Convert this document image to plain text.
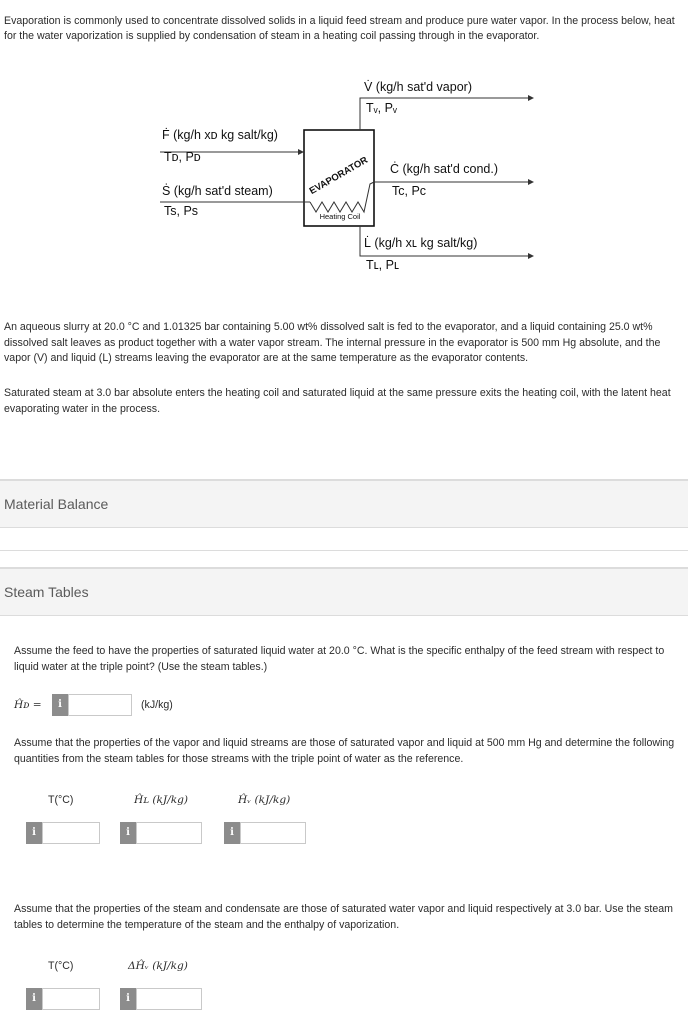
Evaporation is commonly used to concentrate dissolved solids in a liquid feed stream and produce pure water vapor. In the process below, heat for the water vaporization is supplied by condensation of steam in a heating coil passing through in the evaporator.
EVAPORATOR
Heating Coil
V̇ (kg/h sat'd vapor)
Tᵥ, Pᵥ
Ḟ (kg/h xᴅ kg salt/kg)
Tᴅ, Pᴅ
Ṡ (kg/h sat'd steam)
Ts, Ps
Ċ (kg/h sat'd cond.)
Tc, Pc
L̇ (kg/h xʟ kg salt/kg)
Tʟ, Pʟ
An aqueous slurry at 20.0 °C and 1.01325 bar containing 5.00 wt% dissolved salt is fed to the evaporator, and a liquid containing 25.0 wt% dissolved salt leaves as product together with a water vapor stream. The internal pressure in the evaporator is 500 mm Hg absolute, and the vapor (V) and liquid (L) streams leaving the evaporator are at the same temperature as the evaporator contents.
Saturated steam at 3.0 bar absolute enters the heating coil and saturated liquid at the same pressure exits the heating coil, with the latent heat evaporating water in the process.
Material Balance
Steam Tables
Assume the feed to have the properties of saturated liquid water at 20.0 °C. What is the specific enthalpy of the feed stream with respect to liquid water at the triple point? (Use the steam tables.)
Ĥᴅ =	i	(kJ/kg)
Assume that the properties of the vapor and liquid streams are those of saturated vapor and liquid at 500 mm Hg and determine the following quantities from the steam tables for those streams with the triple point of water as the reference.
T(°C)	Ĥʟ (kJ/kg)	Ĥᵥ (kJ/kg)
i	i	i
Assume that the properties of the steam and condensate are those of saturated water vapor and liquid respectively at 3.0 bar. Use the steam tables to determine the temperature of the steam and the enthalpy of vaporization.
T(°C)	ΔĤᵥ (kJ/kg)
i	i
